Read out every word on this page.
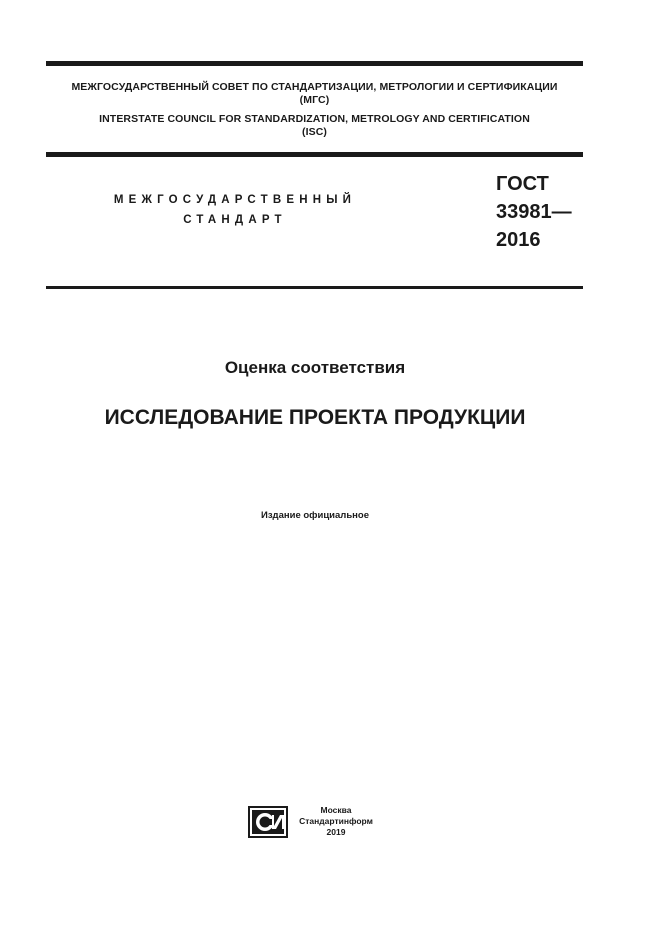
МЕЖГОСУДАРСТВЕННЫЙ СОВЕТ ПО СТАНДАРТИЗАЦИИ, МЕТРОЛОГИИ И СЕРТИФИКАЦИИ
(МГС)
INTERSTATE COUNCIL FOR STANDARDIZATION, METROLOGY AND CERTIFICATION
(ISC)
МЕЖГОСУДАРСТВЕННЫЙ
СТАНДАРТ
ГОСТ
33981—
2016
Оценка соответствия
ИССЛЕДОВАНИЕ ПРОЕКТА ПРОДУКЦИИ
Издание официальное
Москва
Стандартинформ
2019
